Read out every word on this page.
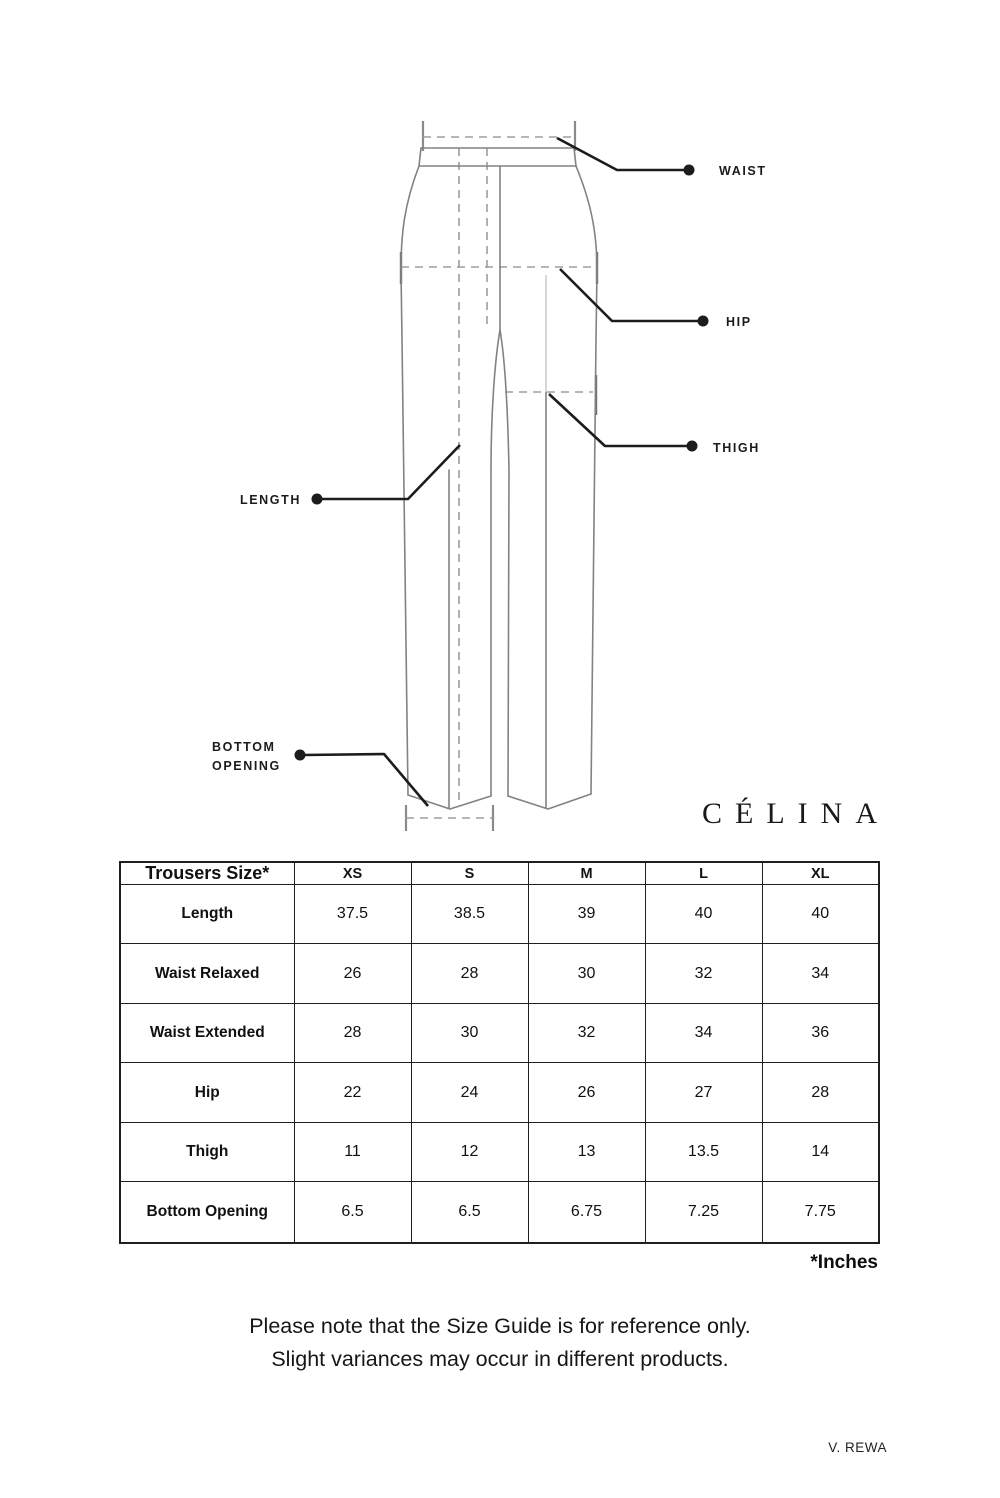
WAIST
HIP
THIGH
LENGTH
BOTTOM
OPENING
CÉLINA
Trousers Size*	XS	S	M	L	XL
Length	37.5	38.5	39	40	40
Waist Relaxed	26	28	30	32	34
Waist Extended	28	30	32	34	36
Hip	22	24	26	27	28
Thigh	11	12	13	13.5	14
Bottom Opening	6.5	6.5	6.75	7.25	7.75
*Inches
Please note that the Size Guide is for reference only.
Slight variances may occur in different products.
V. REWA
